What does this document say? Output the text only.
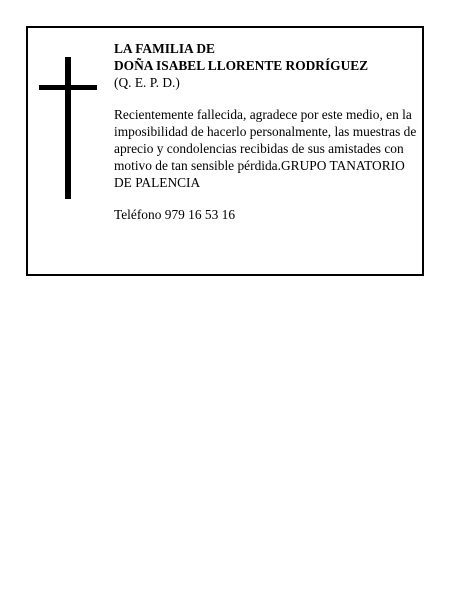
LA FAMILIA DE
DOÑA ISABEL LLORENTE RODRÍGUEZ
(Q. E. P. D.)
Recientemente fallecida, agradece por este medio, en la imposibilidad de hacerlo personalmente, las muestras de aprecio y condolencias recibidas de sus amistades con motivo de tan sensible pérdida.GRUPO TANATORIO DE PALENCIA
Teléfono 979 16 53 16
